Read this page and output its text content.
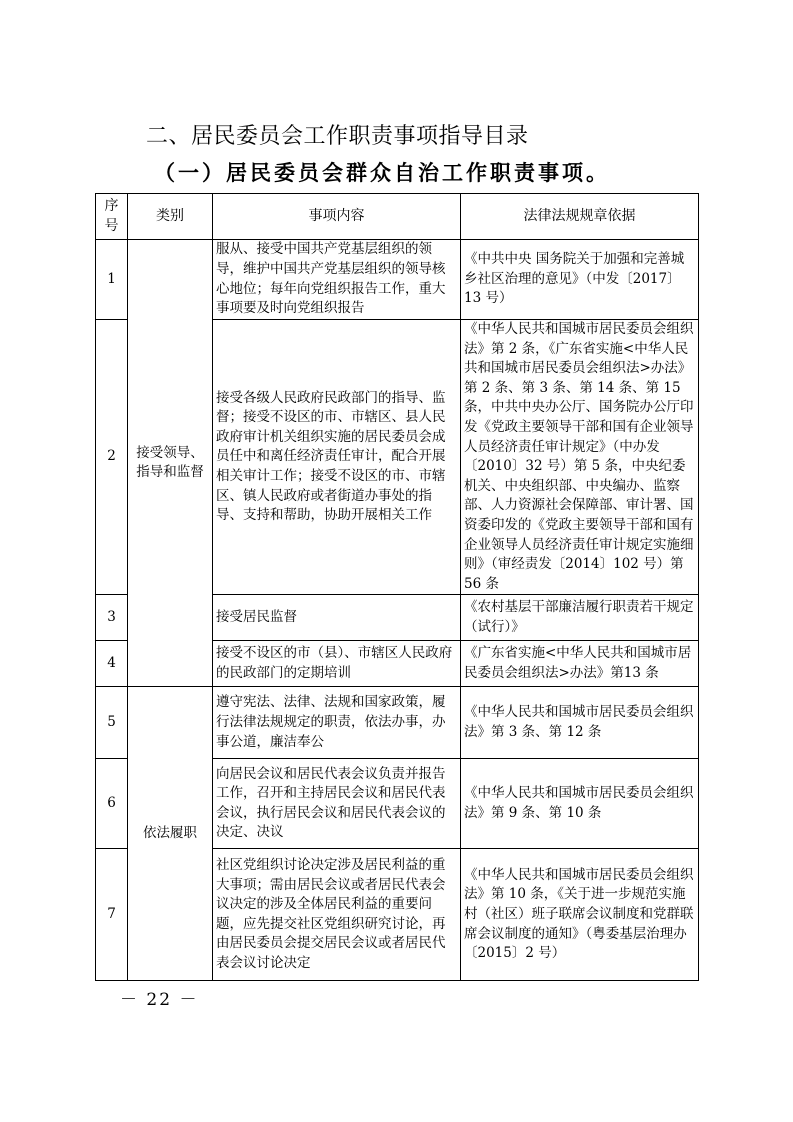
二、居民委员会工作职责事项指导目录
（一）居民委员会群众自治工作职责事项。
序号	类别	事项内容	法律法规规章依据
1	接受领导、指导和监督	服从、接受中国共产党基层组织的领导，维护中国共产党基层组织的领导核心地位；每年向党组织报告工作，重大事项要及时向党组织报告	《中共中央 国务院关于加强和完善城乡社区治理的意见》（中发〔2017〕13 号）
2		接受各级人民政府民政部门的指导、监督；接受不设区的市、市辖区、县人民政府审计机关组织实施的居民委员会成员任中和离任经济责任审计，配合开展相关审计工作；接受不设区的市、市辖区、镇人民政府或者街道办事处的指导、支持和帮助，协助开展相关工作	《中华人民共和国城市居民委员会组织法》第 2 条，《广东省实施<中华人民共和国城市居民委员会组织法>办法》第 2 条、第 3 条、第 14 条、第 15 条，中共中央办公厅、国务院办公厅印发《党政主要领导干部和国有企业领导人员经济责任审计规定》（中办发〔2010〕32 号）第 5 条，中央纪委机关、中央组织部、中央编办、监察部、人力资源社会保障部、审计署、国资委印发的《党政主要领导干部和国有企业领导人员经济责任审计规定实施细则》（审经责发〔2014〕102 号）第 56 条
3		接受居民监督	《农村基层干部廉洁履行职责若干规定（试行）》
4		接受不设区的市（县）、市辖区人民政府的民政部门的定期培训	《广东省实施<中华人民共和国城市居民委员会组织法>办法》第13 条
5	依法履职	遵守宪法、法律、法规和国家政策，履行法律法规规定的职责，依法办事，办事公道，廉洁奉公	《中华人民共和国城市居民委员会组织法》第 3 条、第 12 条
6		向居民会议和居民代表会议负责并报告工作，召开和主持居民会议和居民代表会议，执行居民会议和居民代表会议的决定、决议	《中华人民共和国城市居民委员会组织法》第 9 条、第 10 条
7		社区党组织讨论决定涉及居民利益的重大事项；需由居民会议或者居民代表会议决定的涉及全体居民利益的重要问题，应先提交社区党组织研究讨论，再由居民委员会提交居民会议或者居民代表会议讨论决定	《中华人民共和国城市居民委员会组织法》第 10 条，《关于进一步规范实施村（社区）班子联席会议制度和党群联席会议制度的通知》（粤委基层治理办〔2015〕2 号）
－ 22 －
